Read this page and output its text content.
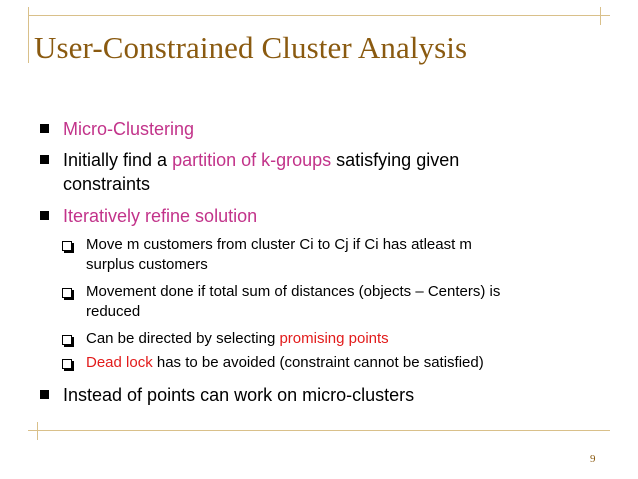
User-Constrained Cluster Analysis
Micro-Clustering
Initially find a partition of k-groups satisfying given
constraints
Iteratively refine solution
Move m customers from cluster Ci to Cj if Ci has atleast m
surplus customers
Movement done if total sum of distances (objects – Centers) is
reduced
Can be directed by selecting promising points
Dead lock has to be avoided (constraint cannot be satisfied)
Instead of points can work on micro-clusters
9
